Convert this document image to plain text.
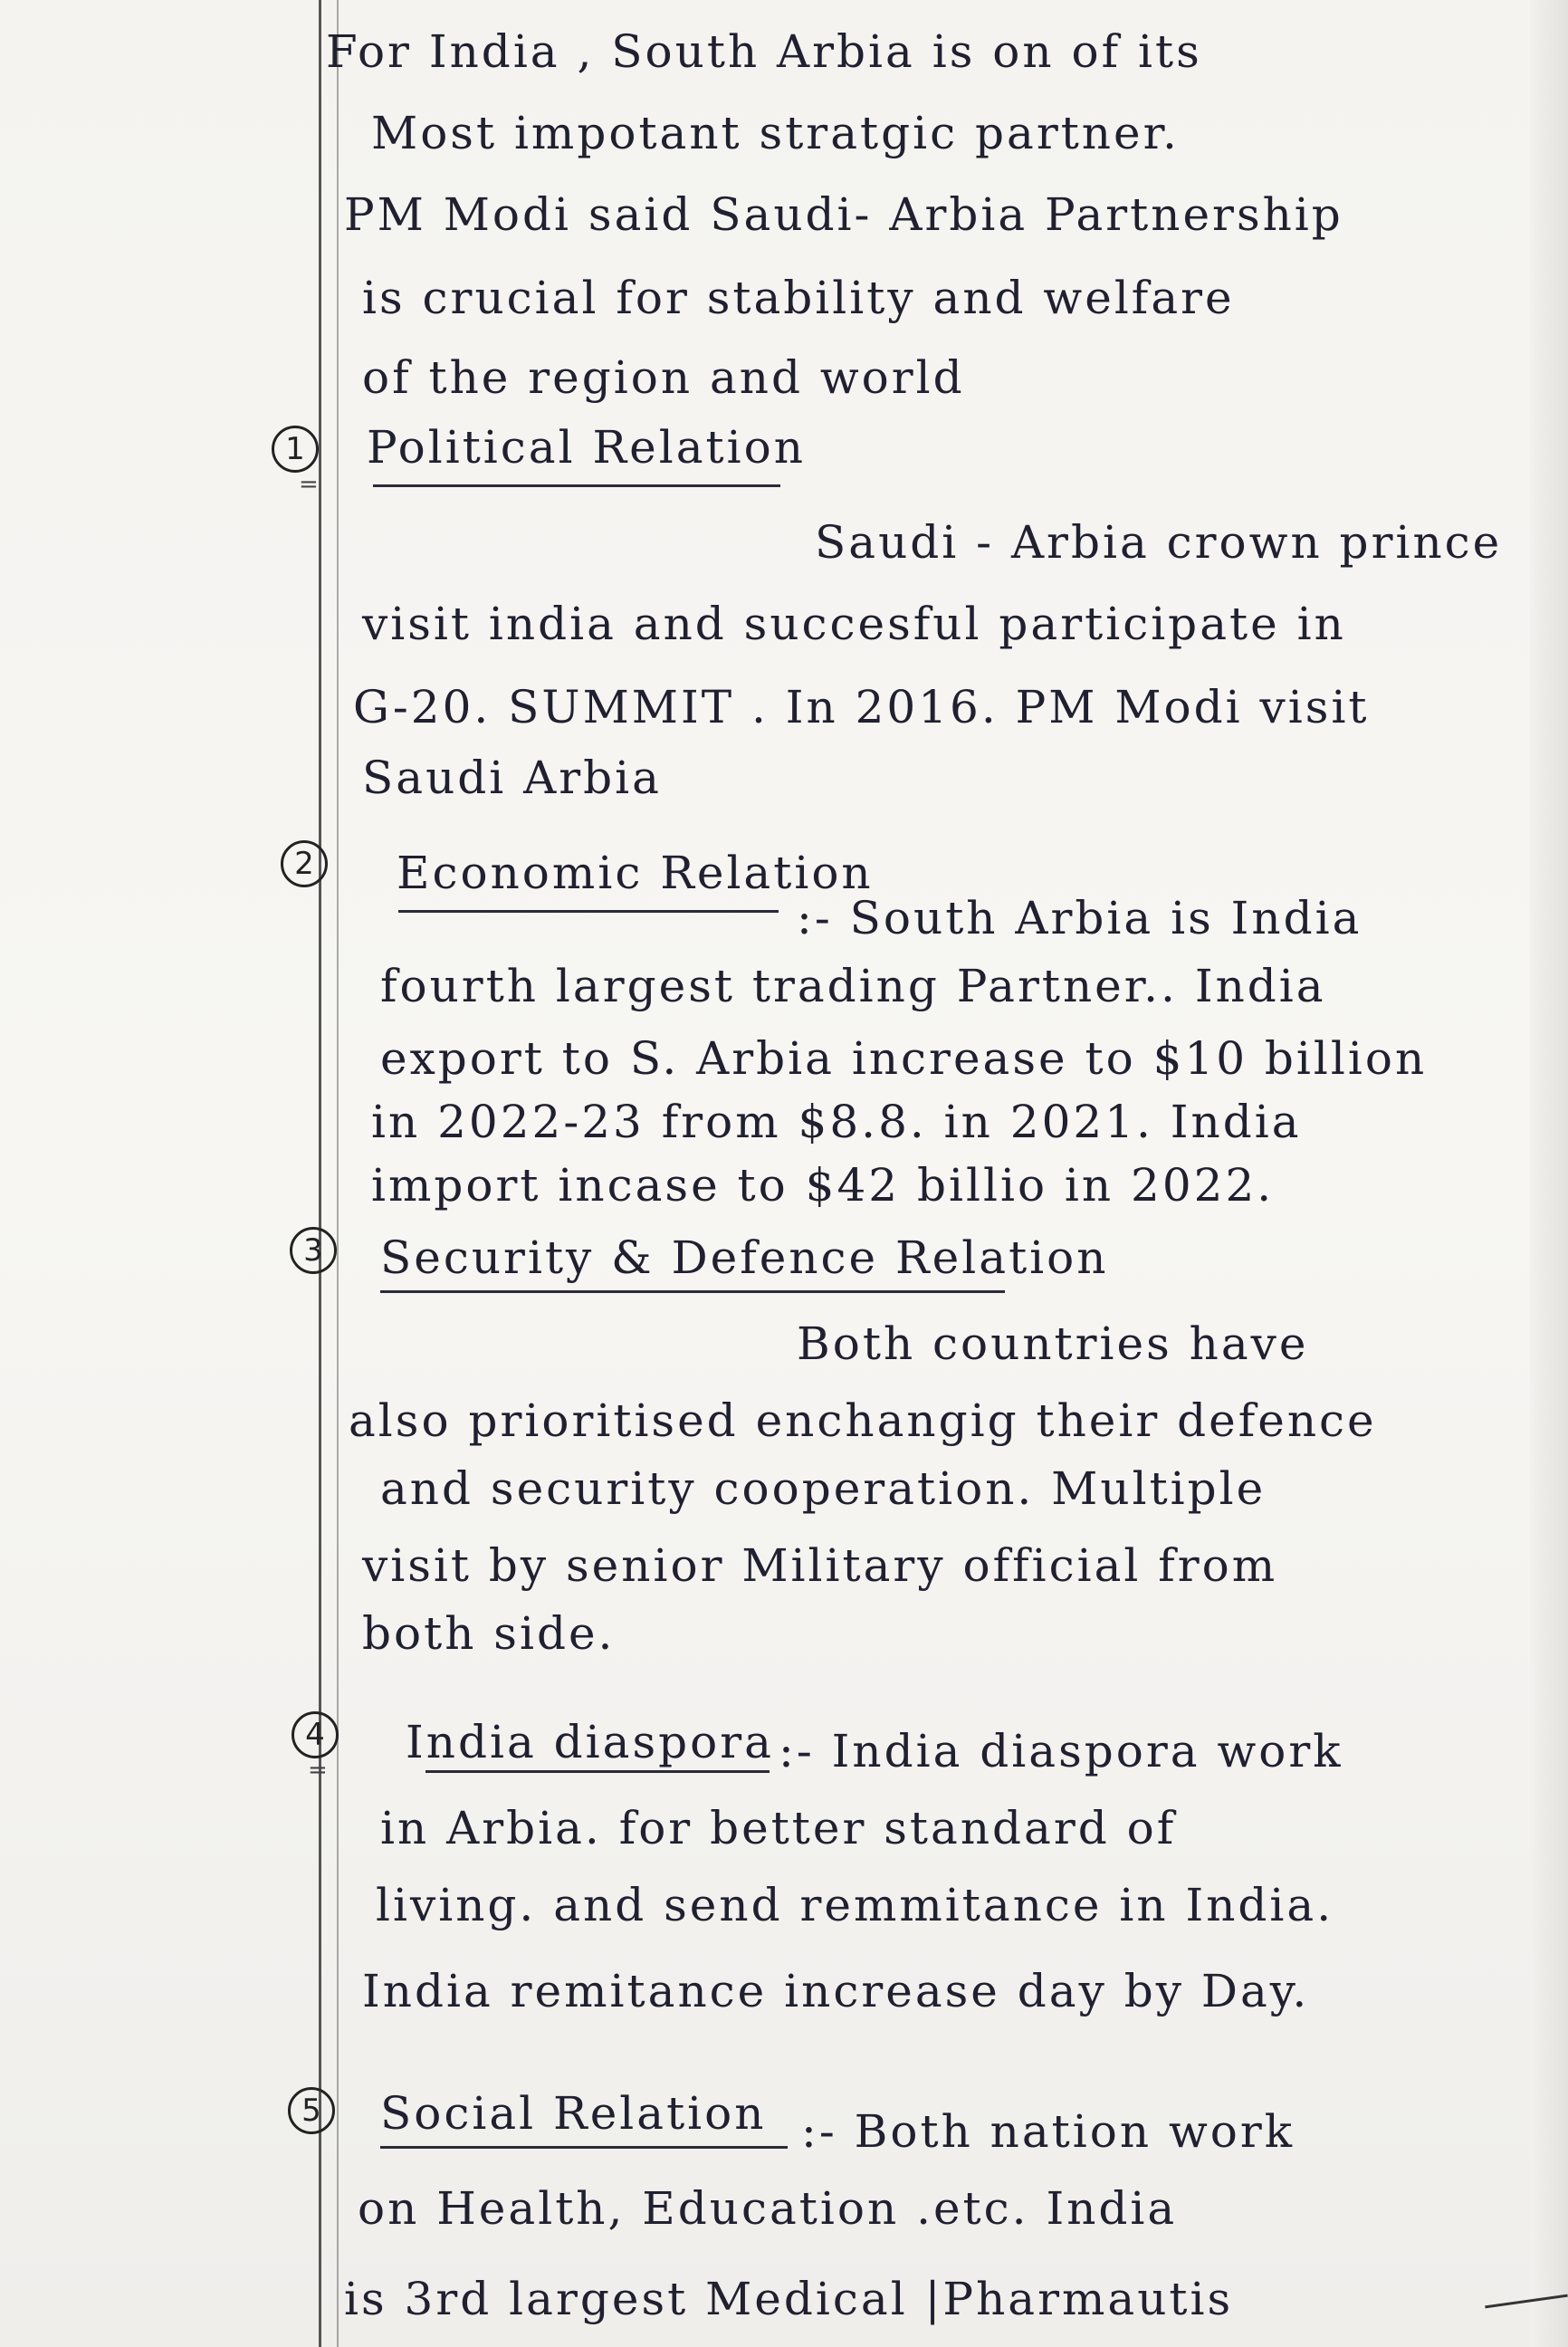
For India , South Arbia is on of its
Most impotant stratgic partner.
PM Modi said Saudi- Arbia Partnership
is crucial for stability and welfare
of the region and world
1
=
Political Relation
Saudi - Arbia crown prince
visit india and succesful participate in
G-20. SUMMIT . In 2016. PM Modi visit
Saudi Arbia
2	Economic Relation
:- South Arbia is India
fourth largest trading Partner.. India
export to S. Arbia increase to $10 billion
in 2022-23 from $8.8. in 2021. India
import incase to $42 billio in 2022.
3	Security & Defence Relation
Both countries have
also prioritised enchangig their defence
and security cooperation. Multiple
visit by senior Military official from
both side.
4
=
India diaspora :- India diaspora work
in Arbia. for better standard of
living. and send remmitance in India.
India remitance increase day by Day.
5	Social Relation :- Both nation work
on Health, Education .etc. India
is 3rd largest Medical |Pharmautis
